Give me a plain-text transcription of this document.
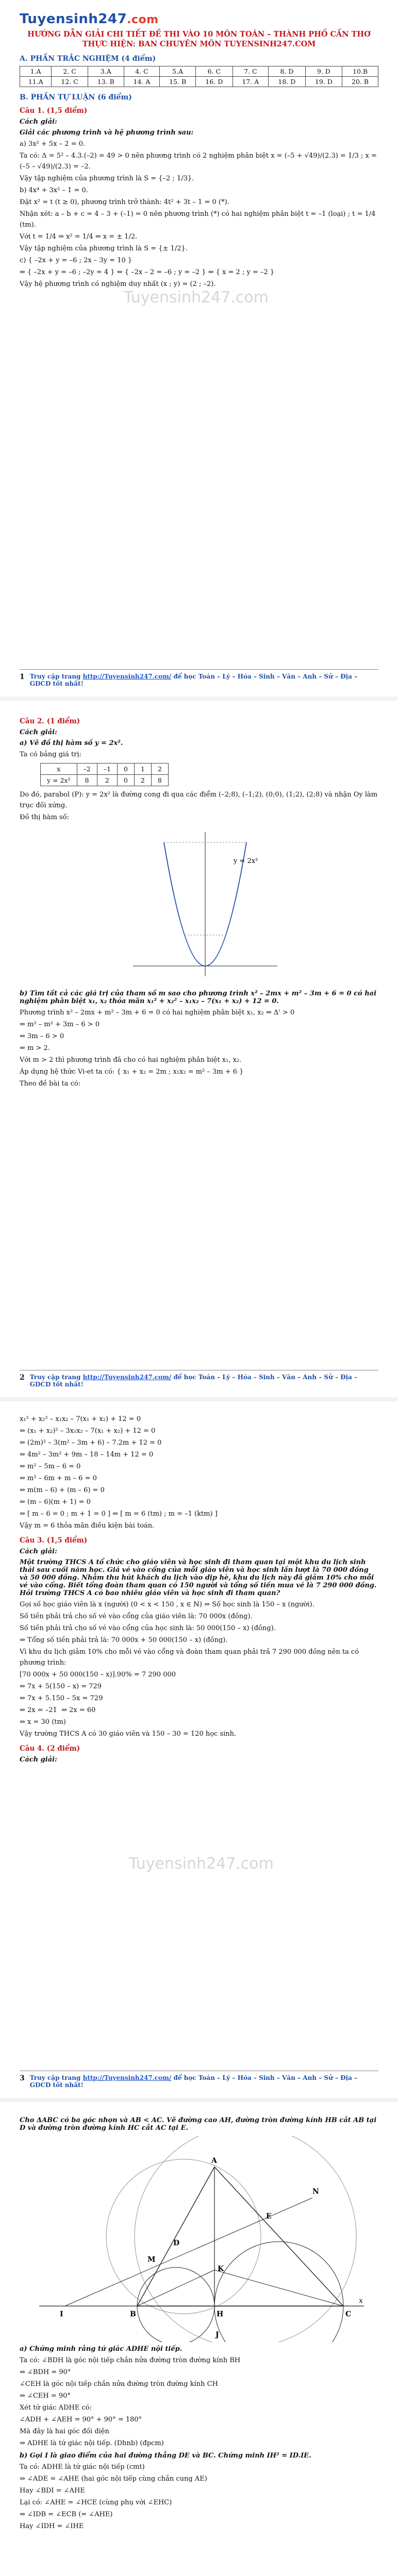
Tuyensinh247.com
HƯỚNG DẪN GIẢI CHI TIẾT ĐỀ THI VÀO 10 MÔN TOÁN – THÀNH PHỐ CẦN THƠ
THỰC HIỆN: BAN CHUYÊN MÔN TUYENSINH247.COM
A. PHẦN TRẮC NGHIỆM (4 điểm)
1.A	2. C	3.A	4. C	5.A	6. C	7. C	8. D	9. D	10.B
11.A	12. C	13. B	14. A	15. B	16. D	17. A	18. D	19. D	20. B
B. PHẦN TỰ LUẬN (6 điểm)
Câu 1. (1,5 điểm)
Cách giải:
Giải các phương trình và hệ phương trình sau:
a) 3x² + 5x – 2 = 0.
Ta có: Δ = 5² – 4.3.(–2) = 49 > 0 nên phương trình có 2 nghiệm phân biệt x = (–5 + √49)/(2.3) = 1/3 ; x = (–5 – √49)/(2.3) = –2.
Vậy tập nghiệm của phương trình là S = {–2 ; 1/3}.
b) 4x⁴ + 3x² – 1 = 0.
Đặt x² = t (t ≥ 0), phương trình trở thành: 4t² + 3t – 1 = 0 (*).
Nhận xét: a – b + c = 4 – 3 + (–1) = 0 nên phương trình (*) có hai nghiệm phân biệt t = –1 (loại) ; t = 1/4 (tm).
Với t = 1/4 ⇒ x² = 1/4 ⇔ x = ± 1/2.
Vậy tập nghiệm của phương trình là S = {± 1/2}.
c) { –2x + y = –6 ; 2x – 3y = 10 }
⇔ { –2x + y = –6 ; –2y = 4 } ⇔ { –2x – 2 = –6 ; y = –2 } ⇔ { x = 2 ; y = –2 }
Vậy hệ phương trình có nghiệm duy nhất (x ; y) = (2 ; –2).
Tuyensinh247.com
1 Truy cập trang http://Tuyensinh247.com/ để học Toán – Lý – Hóa – Sinh – Văn – Anh – Sử – Địa – GDCD tốt nhất!
Câu 2. (1 điểm)
Cách giải:
a) Vẽ đồ thị hàm số y = 2x².
Ta có bảng giá trị:
x	–2	–1	0	1	2
y = 2x²	8	2	0	2	8
Do đó, parabol (P): y = 2x² là đường cong đi qua các điểm (–2;8), (–1;2), (0;0), (1;2), (2;8) và nhận Oy làm trục đối xứng.
Đồ thị hàm số:
y = 2x²
b) Tìm tất cả các giá trị của tham số m sao cho phương trình x² – 2mx + m² – 3m + 6 = 0 có hai nghiệm phân biệt x₁, x₂ thỏa mãn x₁² + x₂² – x₁x₂ – 7(x₁ + x₂) + 12 = 0.
Phương trình x² – 2mx + m² – 3m + 6 = 0 có hai nghiệm phân biệt x₁, x₂ ⇔ Δ' > 0
⇔ m² – m² + 3m – 6 > 0
⇔ 3m – 6 > 0
⇔ m > 2.
Với m > 2 thì phương trình đã cho có hai nghiệm phân biệt x₁, x₂.
Áp dụng hệ thức Vi-et ta có: { x₁ + x₂ = 2m ; x₁x₂ = m² – 3m + 6 }
Theo đề bài ta có:
2 Truy cập trang http://Tuyensinh247.com/ để học Toán – Lý – Hóa – Sinh – Văn – Anh – Sử – Địa – GDCD tốt nhất!
x₁² + x₂² – x₁x₂ – 7(x₁ + x₂) + 12 = 0
⇔ (x₁ + x₂)² – 3x₁x₂ – 7(x₁ + x₂) + 12 = 0
⇔ (2m)² – 3(m² – 3m + 6) – 7.2m + 12 = 0
⇔ 4m² – 3m² + 9m – 18 – 14m + 12 = 0
⇔ m² – 5m – 6 = 0
⇔ m² – 6m + m – 6 = 0
⇔ m(m – 6) + (m – 6) = 0
⇔ (m – 6)(m + 1) = 0
⇔ [ m – 6 = 0 ; m + 1 = 0 ] ⇔ [ m = 6 (tm) ; m = –1 (ktm) ]
Vậy m = 6 thỏa mãn điều kiện bài toán.
Câu 3. (1,5 điểm)
Cách giải:
Một trường THCS A tổ chức cho giáo viên và học sinh đi tham quan tại một khu du lịch sinh thái sau cuối năm học. Giá vé vào cổng của mỗi giáo viên và học sinh lần lượt là 70 000 đồng và 50 000 đồng. Nhằm thu hút khách du lịch vào dịp hè, khu du lịch này đã giảm 10% cho mỗi vé vào cổng. Biết tổng đoàn tham quan có 150 người và tổng số tiền mua vé là 7 290 000 đồng. Hỏi trường THCS A có bao nhiêu giáo viên và học sinh đi tham quan?
Gọi số học giáo viên là x (người) (0 < x < 150 , x ∈ ℕ) ⇒ Số học sinh là 150 – x (người).
Số tiền phải trả cho số vé vào cổng của giáo viên là: 70 000x (đồng).
Số tiền phải trả cho số vé vào cổng của học sinh là: 50 000(150 – x) (đồng).
⇒ Tổng số tiền phải trả là: 70 000x + 50 000(150 – x) (đồng).
Vì khu du lịch giảm 10% cho mỗi vé vào cổng và đoàn tham quan phải trả 7 290 000 đồng nên ta có phương trình:
[70 000x + 50 000(150 – x)].90% = 7 290 000
⇔ 7x + 5(150 – x) = 729
⇔ 7x + 5.150 – 5x = 729
⇔ 2x = –21  ⇔ 2x = 60
⇔ x = 30 (tm)
Vậy trường THCS A có 30 giáo viên và 150 – 30 = 120 học sinh.
Câu 4. (2 điểm)
Cách giải:
Tuyensinh247.com
3 Truy cập trang http://Tuyensinh247.com/ để học Toán – Lý – Hóa – Sinh – Văn – Anh – Sử – Địa – GDCD tốt nhất!
Cho ΔABC có ba góc nhọn và AB < AC. Vẽ đường cao AH, đường tròn đường kính HB cắt AB tại D và đường tròn đường kính HC cắt AC tại E.
A
B	C
H
D
E
K
M
N
I
J
x
a) Chứng minh rằng tứ giác ADHE nội tiếp.
Ta có: ∠BDH là góc nội tiếp chắn nửa đường tròn đường kính BH
⇒ ∠BDH = 90°
∠CEH là góc nội tiếp chắn nửa đường tròn đường kính CH
⇒ ∠CEH = 90°
Xét tứ giác ADHE có:
∠ADH + ∠AEH = 90° + 90° = 180°
Mà đây là hai góc đối diện
⇒ ADHE là tứ giác nội tiếp. (Dhnb) (đpcm)
b) Gọi I là giao điểm của hai đường thẳng DE và BC. Chứng minh IH² = ID.IE.
Ta có: ADHE là tứ giác nội tiếp (cmt)
⇒ ∠ADE = ∠AHE (hai góc nội tiếp cùng chắn cung AE)
Hay ∠BDI = ∠AHE
Lại có: ∠AHE = ∠HCE (cùng phụ với ∠EHC)
⇒ ∠IDB = ∠ECB (= ∠AHE)
Hay ∠IDH = ∠IHE
